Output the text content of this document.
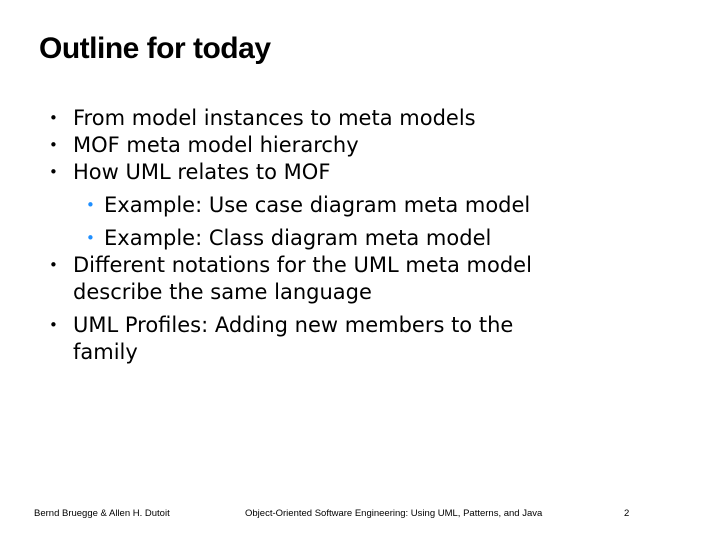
Outline for today
• From model instances to meta models
• MOF meta model hierarchy
• How UML relates to MOF
• Example: Use case diagram meta model
• Example: Class diagram meta model
• Different notations for the UML meta model
describe the same language
• UML Profiles: Adding new members to the
family
Bernd Bruegge & Allen H. Dutoit	Object-Oriented Software Engineering: Using UML, Patterns, and Java	2
